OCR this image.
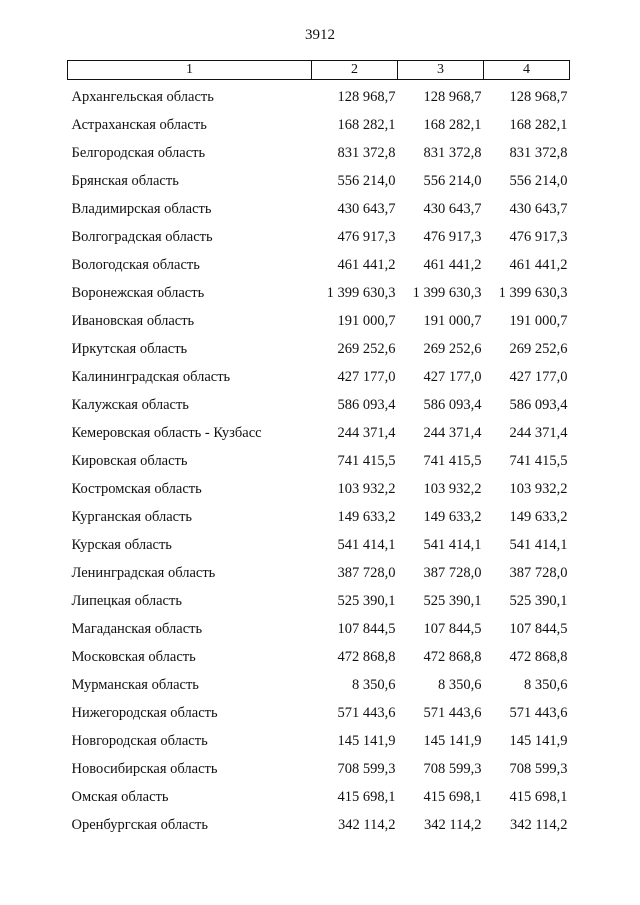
3912
1	2	3	4
Архангельская область	128 968,7	128 968,7	128 968,7
Астраханская область	168 282,1	168 282,1	168 282,1
Белгородская область	831 372,8	831 372,8	831 372,8
Брянская область	556 214,0	556 214,0	556 214,0
Владимирская область	430 643,7	430 643,7	430 643,7
Волгоградская область	476 917,3	476 917,3	476 917,3
Вологодская область	461 441,2	461 441,2	461 441,2
Воронежская область	1 399 630,3	1 399 630,3	1 399 630,3
Ивановская область	191 000,7	191 000,7	191 000,7
Иркутская область	269 252,6	269 252,6	269 252,6
Калининградская область	427 177,0	427 177,0	427 177,0
Калужская область	586 093,4	586 093,4	586 093,4
Кемеровская область - Кузбасс	244 371,4	244 371,4	244 371,4
Кировская область	741 415,5	741 415,5	741 415,5
Костромская область	103 932,2	103 932,2	103 932,2
Курганская область	149 633,2	149 633,2	149 633,2
Курская область	541 414,1	541 414,1	541 414,1
Ленинградская область	387 728,0	387 728,0	387 728,0
Липецкая область	525 390,1	525 390,1	525 390,1
Магаданская область	107 844,5	107 844,5	107 844,5
Московская область	472 868,8	472 868,8	472 868,8
Мурманская область	8 350,6	8 350,6	8 350,6
Нижегородская область	571 443,6	571 443,6	571 443,6
Новгородская область	145 141,9	145 141,9	145 141,9
Новосибирская область	708 599,3	708 599,3	708 599,3
Омская область	415 698,1	415 698,1	415 698,1
Оренбургская область	342 114,2	342 114,2	342 114,2
